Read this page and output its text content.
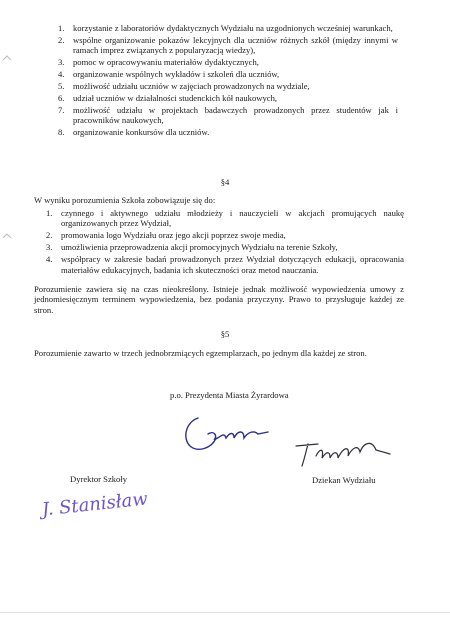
1. korzystanie z laboratoriów dydaktycznych Wydziału na uzgodnionych wcześniej warunkach,
2. wspólne organizowanie pokazów lekcyjnych dla uczniów różnych szkół (między innymi w ramach imprez związanych z popularyzacją wiedzy),
3. pomoc w opracowywaniu materiałów dydaktycznych,
4. organizowanie wspólnych wykładów i szkoleń dla uczniów,
5. możliwość udziału uczniów w zajęciach prowadzonych na wydziale,
6. udział uczniów w działalności studenckich kół naukowych,
7. możliwość udziału w projektach badawczych prowadzonych przez studentów jak i pracowników naukowych,
8. organizowanie konkursów dla uczniów.
§4
W wyniku porozumienia Szkoła zobowiązuje się do:
1. czynnego i aktywnego udziału młodzieży i nauczycieli w akcjach promujących naukę organizowanych przez Wydział,
2. promowania logo Wydziału oraz jego akcji poprzez swoje media,
3. umożliwienia przeprowadzenia akcji promocyjnych Wydziału na terenie Szkoły,
4. współpracy w zakresie badań prowadzonych przez Wydział dotyczących edukacji, opracowania materiałów edukacyjnych, badania ich skuteczności oraz metod nauczania.
Porozumienie zawiera się na czas nieokreślony. Istnieje jednak możliwość wypowiedzenia umowy z jednomiesięcznym terminem wypowiedzenia, bez podania przyczyny. Prawo to przysługuje każdej ze stron.
§5
Porozumienie zawarto w trzech jednobrzmiących egzemplarzach, po jednym dla każdej ze stron.
p.o. Prezydenta Miasta Żyrardowa
Dyrektor Szkoły	Dziekan Wydziału
J. Stanisław
